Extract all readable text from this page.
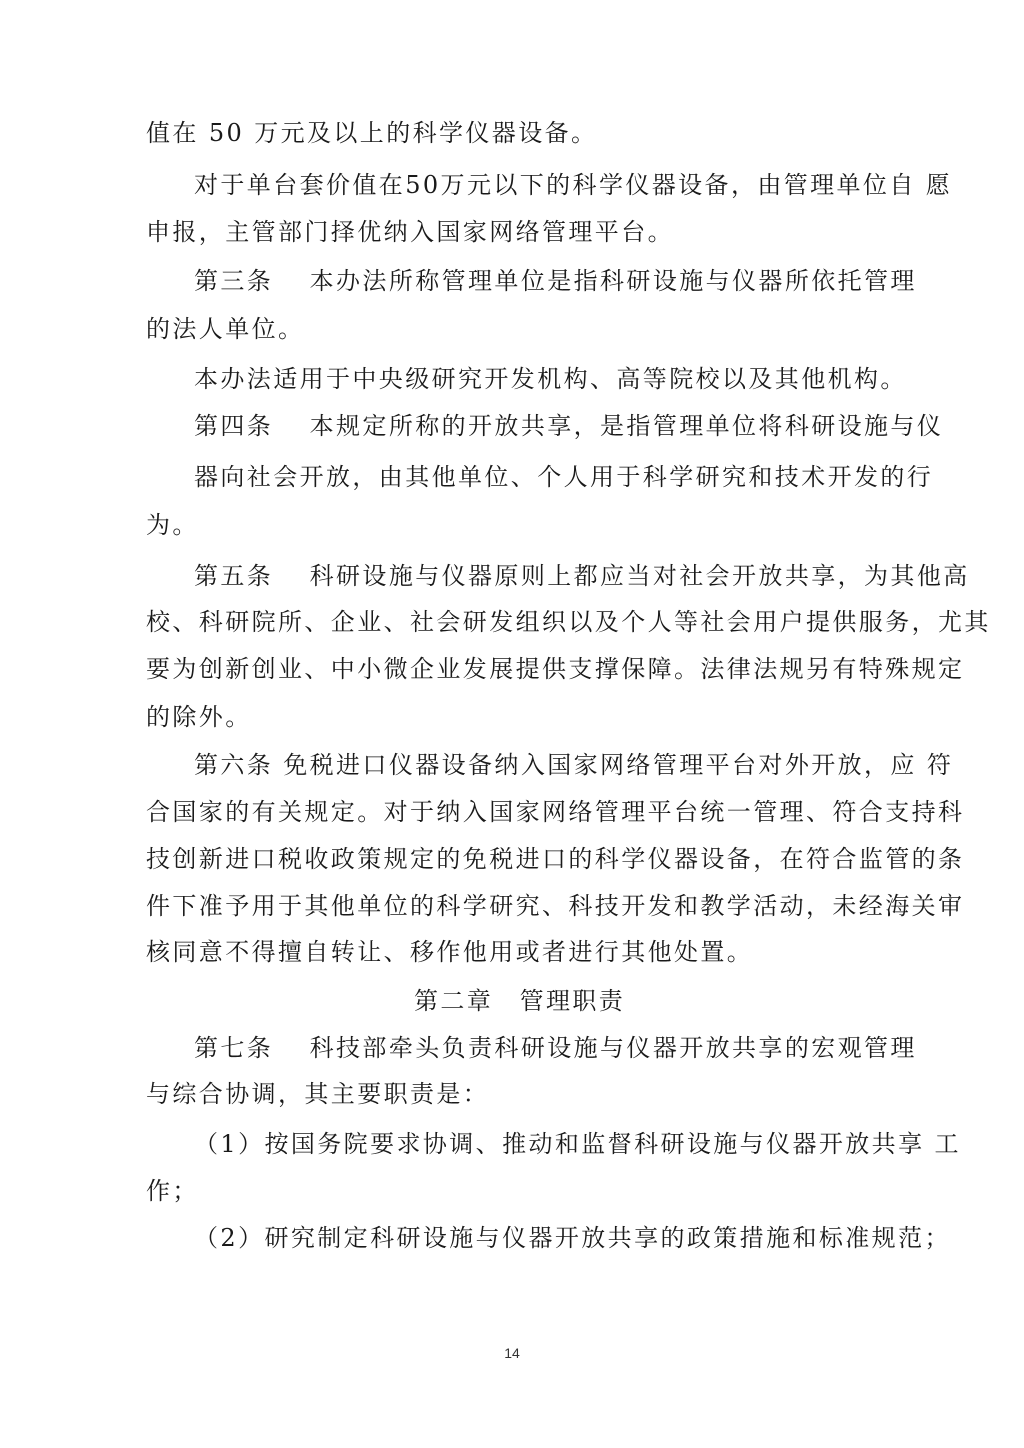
值在 50 万元及以上的科学仪器设备。
对于单台套价值在50万元以下的科学仪器设备，由管理单位自 愿
申报，主管部门择优纳入国家网络管理平台。
第三条　 本办法所称管理单位是指科研设施与仪器所依托管理
的法人单位。
本办法适用于中央级研究开发机构、高等院校以及其他机构。
第四条　 本规定所称的开放共享，是指管理单位将科研设施与仪
器向社会开放，由其他单位、个人用于科学研究和技术开发的行
为。
第五条　 科研设施与仪器原则上都应当对社会开放共享，为其他高
校、科研院所、企业、社会研发组织以及个人等社会用户提供服务，尤其
要为创新创业、中小微企业发展提供支撑保障。法律法规另有特殊规定
的除外。
第六条 免税进口仪器设备纳入国家网络管理平台对外开放，应 符
合国家的有关规定。对于纳入国家网络管理平台统一管理、符合支持科
技创新进口税收政策规定的免税进口的科学仪器设备，在符合监管的条
件下准予用于其他单位的科学研究、科技开发和教学活动，未经海关审
核同意不得擅自转让、移作他用或者进行其他处置。
第二章　管理职责
第七条　 科技部牵头负责科研设施与仪器开放共享的宏观管理
与综合协调，其主要职责是：
（1）按国务院要求协调、推动和监督科研设施与仪器开放共享 工
作；
（2）研究制定科研设施与仪器开放共享的政策措施和标准规范；
14
